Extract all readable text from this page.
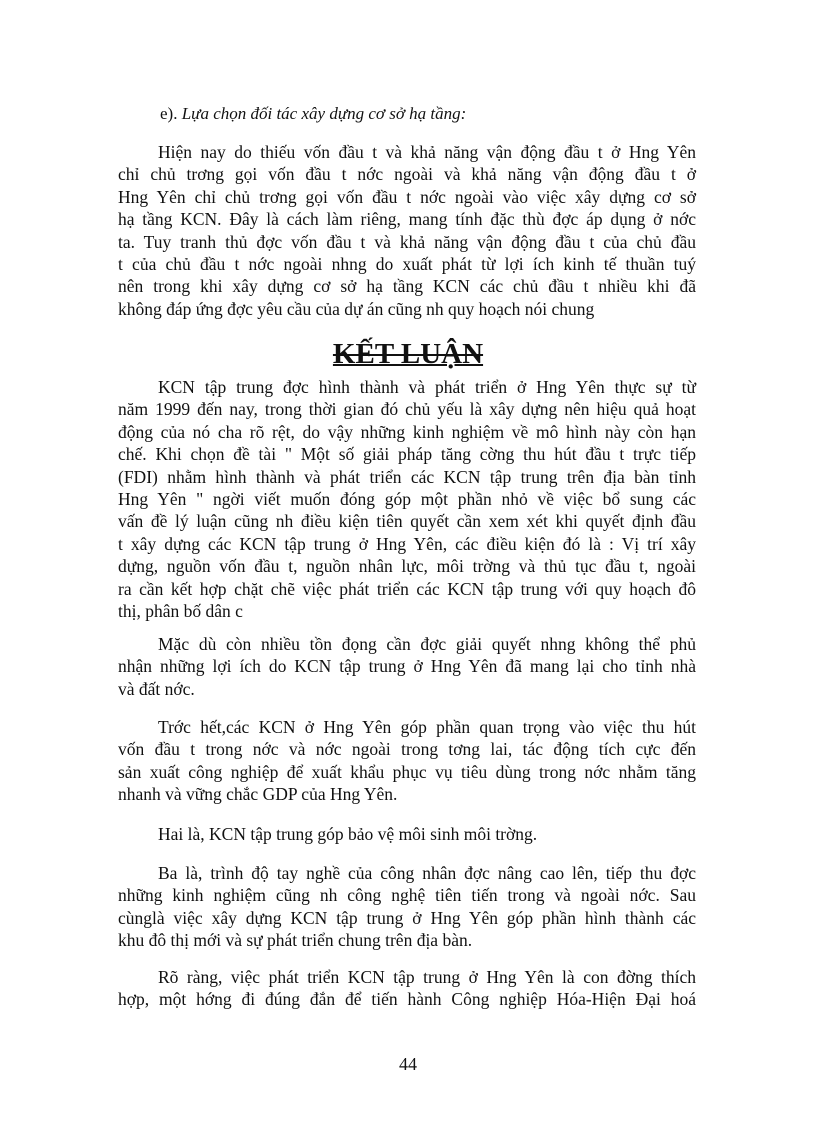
e). Lựa chọn đối tác xây dựng cơ sở hạ tầng:
Hiện nay do thiếu vốn đầu t và khả năng vận động đầu t ở Hng Yên
chỉ chủ trơng gọi vốn đầu t nớc ngoài và khả năng vận động đầu t ở
Hng Yên chỉ chủ trơng gọi vốn đầu t nớc ngoài vào việc xây dựng cơ sở
hạ tầng KCN. Đây là cách làm riêng, mang tính đặc thù đợc áp dụng ở nớc
ta. Tuy tranh thủ đợc vốn đầu t và khả năng vận động đầu t của chủ đầu
t của chủ đầu t nớc ngoài nhng do xuất phát từ lợi ích kinh tế thuần tuý
nên trong khi xây dựng cơ sở hạ tầng KCN các chủ đầu t nhiều khi đã
không đáp ứng đợc yêu cầu của dự án cũng nh quy hoạch nói chung
KẾT LUẬN
KCN tập trung đợc hình thành và phát triển ở Hng Yên thực sự từ
năm 1999 đến nay, trong thời gian đó chủ yếu là xây dựng nên hiệu quả hoạt
động của nó cha rõ rệt, do vậy những kinh nghiệm về mô hình này còn hạn
chế. Khi chọn đề tài " Một số giải pháp tăng cờng thu hút đầu t trực tiếp
(FDI) nhằm hình thành và phát triển các KCN tập trung trên địa bàn tỉnh
Hng Yên " ngời viết muốn đóng góp một phần nhỏ về việc bổ sung các
vấn đề lý luận cũng nh điều kiện tiên quyết cần xem xét khi quyết định đầu
t xây dựng các KCN tập trung ở Hng Yên, các điều kiện đó là : Vị trí xây
dựng, nguồn vốn đầu t, nguồn nhân lực, môi trờng và thủ tục đầu t, ngoài
ra cần kết hợp chặt chẽ việc phát triển các KCN tập trung với quy hoạch đô
thị, phân bố dân c
Mặc dù còn nhiều tồn đọng cần đợc giải quyết nhng không thể phủ
nhận những lợi ích do KCN tập trung ở Hng Yên đã mang lại cho tỉnh nhà
và đất nớc.
Trớc hết,các KCN ở Hng Yên góp phần quan trọng vào việc thu hút
vốn đầu t trong nớc và nớc ngoài trong tơng lai, tác động tích cực đến
sản xuất công nghiệp để xuất khẩu phục vụ tiêu dùng trong nớc nhằm tăng
nhanh và vững chắc GDP của Hng Yên.
Hai là, KCN tập trung góp bảo vệ môi sinh môi trờng.
Ba là, trình độ tay nghề của công nhân đợc nâng cao lên, tiếp thu đợc
những kinh nghiệm cũng nh công nghệ tiên tiến trong và ngoài nớc. Sau
cùnglà việc xây dựng KCN tập trung ở Hng Yên góp phần hình thành các
khu đô thị mới và sự phát triển chung trên địa bàn.
Rõ ràng, việc phát triển KCN tập trung ở Hng Yên là con đờng thích
hợp, một hớng đi đúng đắn để tiến hành Công nghiệp Hóa-Hiện Đại hoá
44
